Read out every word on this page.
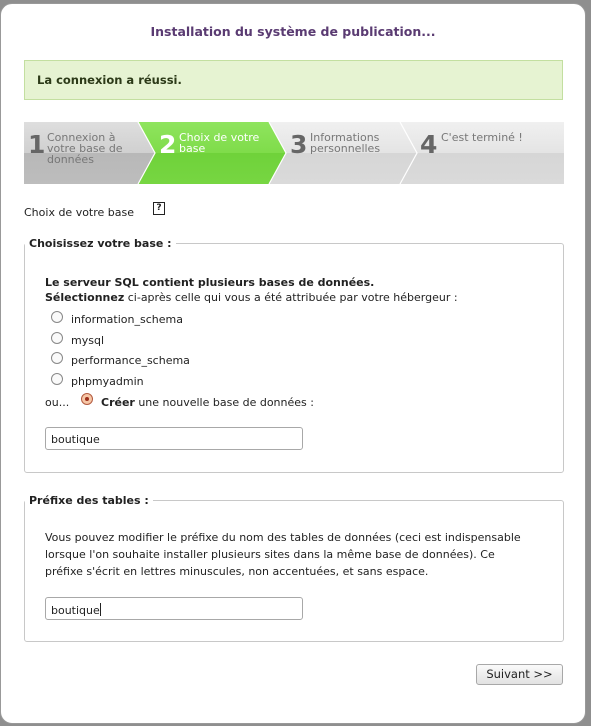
Installation du système de publication...
La connexion a réussi.
1 Connexion à
votre base de
données
2 Choix de votre
base	3 Informations
personnelles 4 C'est terminé !
Choix de votre base	?
Choisissez votre base :
Le serveur SQL contient plusieurs bases de données.
Sélectionnez ci-après celle qui vous a été attribuée par votre hébergeur :
information_schema
mysql
performance_schema
phpmyadmin
ou...	Créer une nouvelle base de données :
boutique
Préfixe des tables :
Vous pouvez modifier le préfixe du nom des tables de données (ceci est indispensable
lorsque l'on souhaite installer plusieurs sites dans la même base de données). Ce
préfixe s'écrit en lettres minuscules, non accentuées, et sans espace.
boutique
Suivant >>
